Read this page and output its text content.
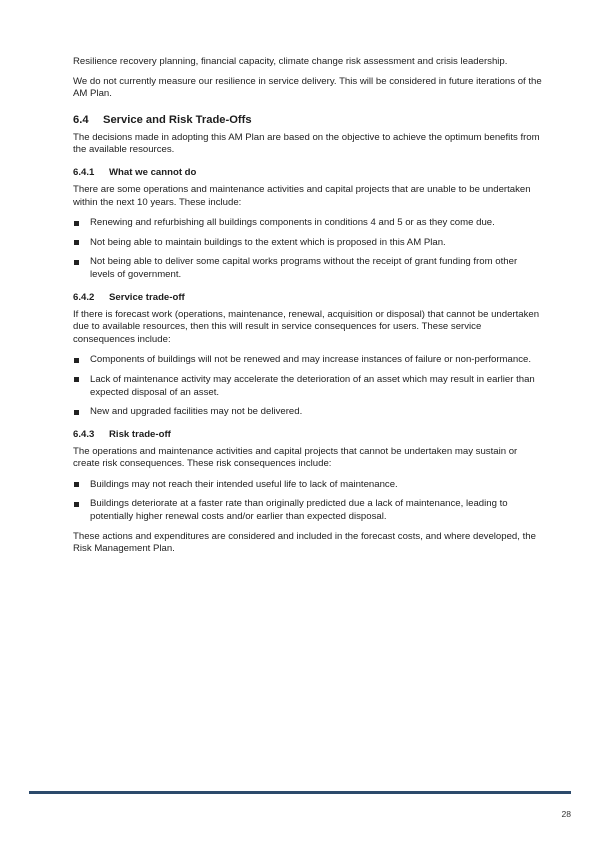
Resilience recovery planning, financial capacity, climate change risk assessment and crisis leadership.

We do not currently measure our resilience in service delivery. This will be considered in future iterations of the AM Plan.

6.4 Service and Risk Trade-Offs

The decisions made in adopting this AM Plan are based on the objective to achieve the optimum benefits from the available resources.

6.4.1 What we cannot do

There are some operations and maintenance activities and capital projects that are unable to be undertaken within the next 10 years. These include:

Renewing and refurbishing all buildings components in conditions 4 and 5 or as they come due.
Not being able to maintain buildings to the extent which is proposed in this AM Plan.
Not being able to deliver some capital works programs without the receipt of grant funding from other levels of government.
6.4.2 Service trade-off

If there is forecast work (operations, maintenance, renewal, acquisition or disposal) that cannot be undertaken due to available resources, then this will result in service consequences for users. These service consequences include:

Components of buildings will not be renewed and may increase instances of failure or non-performance.
Lack of maintenance activity may accelerate the deterioration of an asset which may result in earlier than expected disposal of an asset.
New and upgraded facilities may not be delivered.
6.4.3 Risk trade-off

The operations and maintenance activities and capital projects that cannot be undertaken may sustain or create risk consequences. These risk consequences include:

Buildings may not reach their intended useful life to lack of maintenance.
Buildings deteriorate at a faster rate than originally predicted due a lack of maintenance, leading to potentially higher renewal costs and/or earlier than expected disposal.

These actions and expenditures are considered and included in the forecast costs, and where developed, the Risk Management Plan.

28
